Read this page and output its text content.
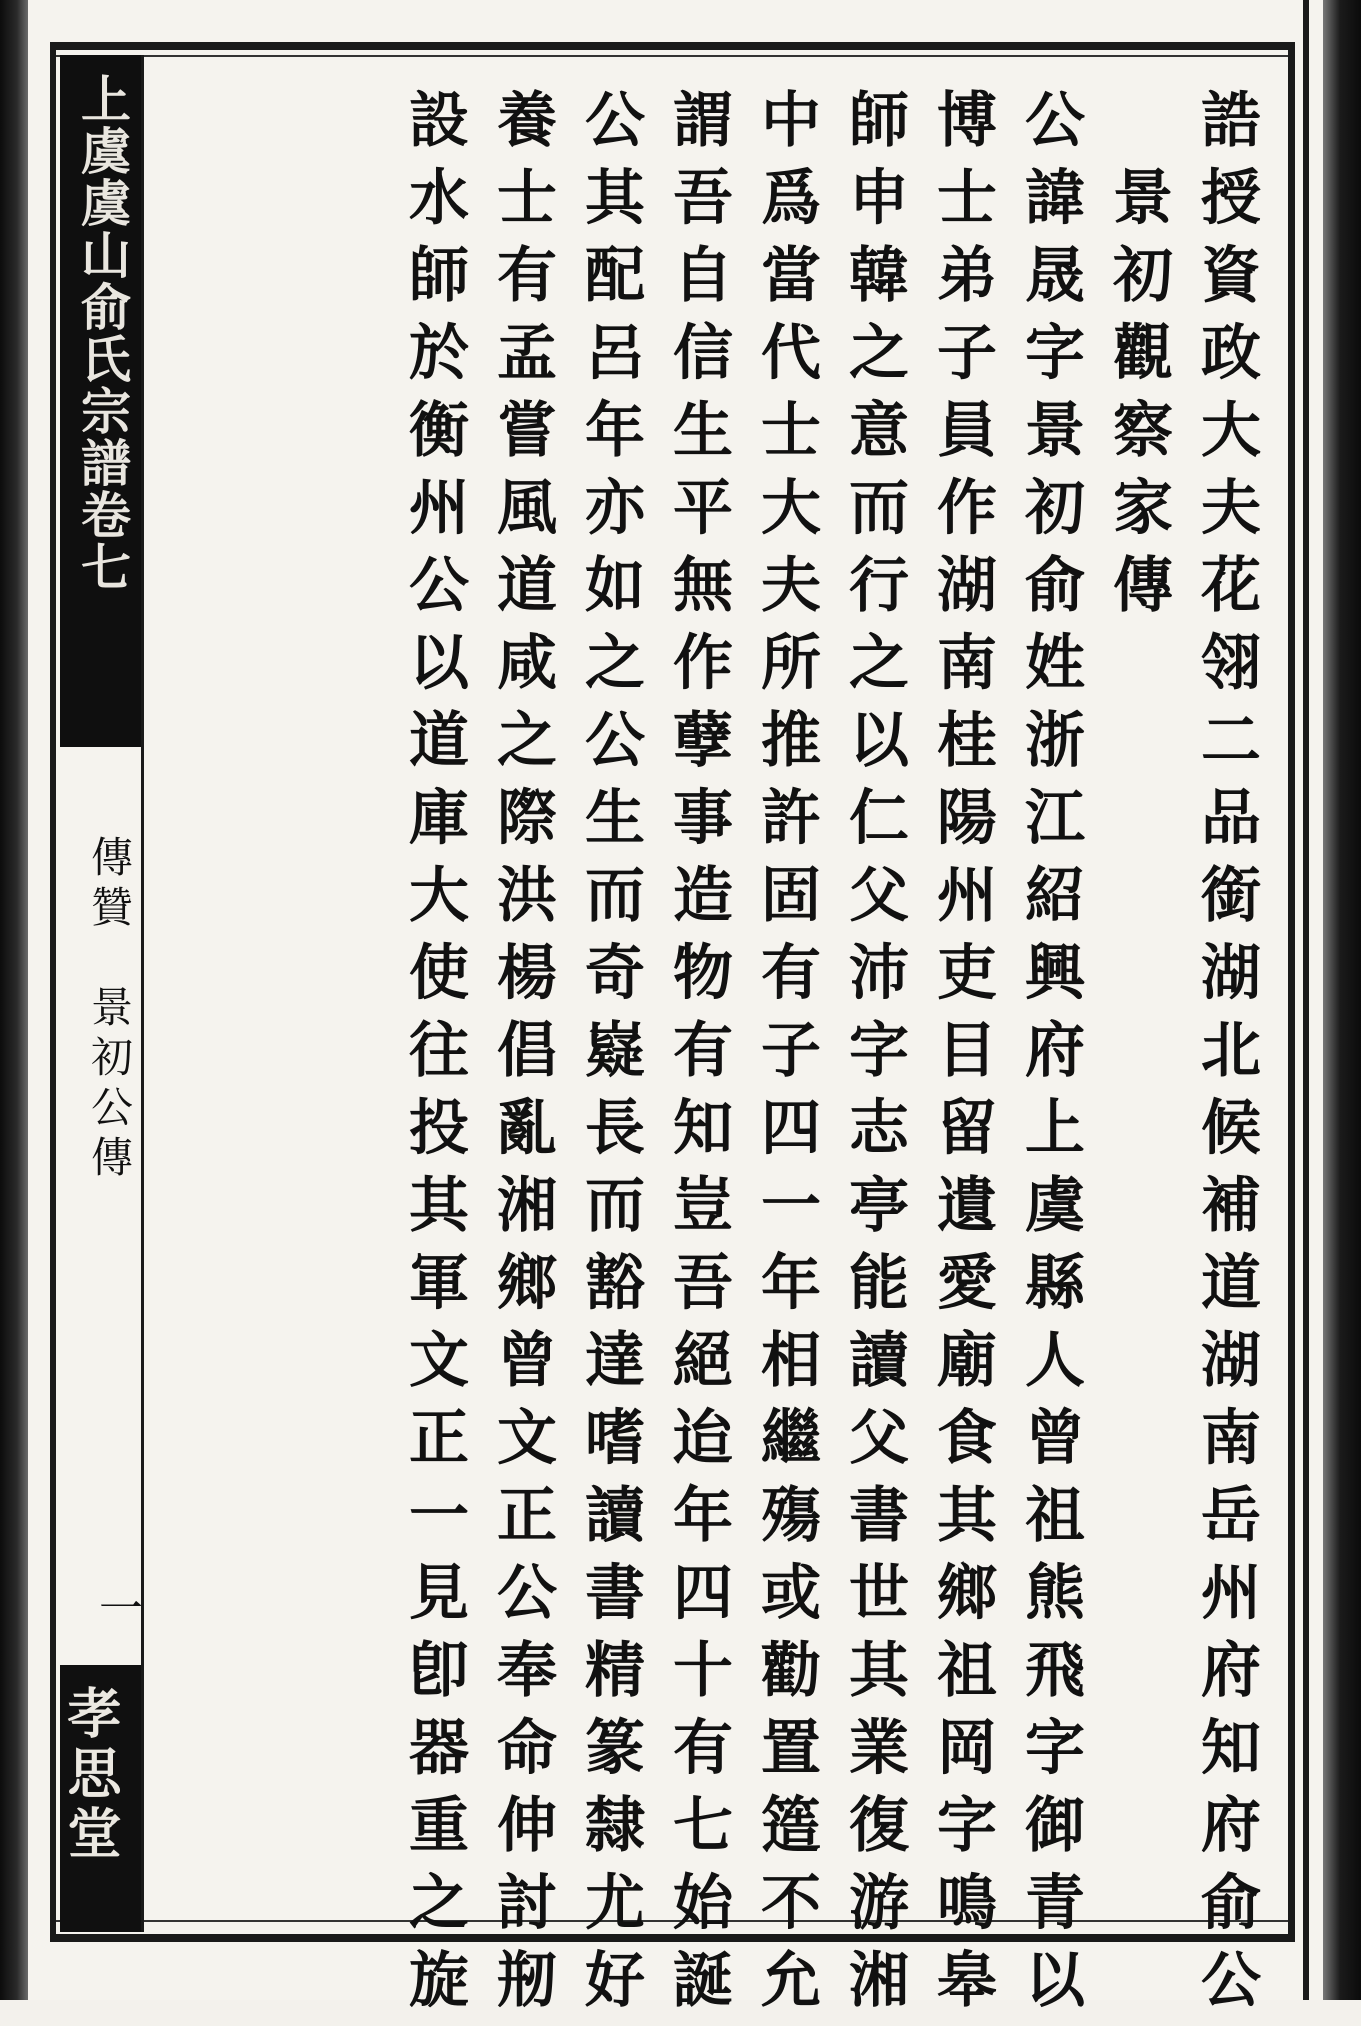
上虞虞山俞氏宗譜卷七
傳贊　景初公傳
一
孝思堂	誥授資政大夫花翎二品銜湖北候補道湖南岳州府知府俞公
　景初觀察家傳
公諱晟字景初俞姓浙江紹興府上虞縣人曾祖熊飛字御青以
博士弟子員作湖南桂陽州吏目留遺愛廟食其鄉祖岡字鳴皋
師申韓之意而行之以仁父沛字志亭能讀父書世其業復游湘
中爲當代士大夫所推許固有子四一年相繼殤或勸置簉不允
謂吾自信生平無作孽事造物有知豈吾絕迨年四十有七始誕
公其配呂年亦如之公生而奇嶷長而豁達嗜讀書精篆隸尤好
養士有孟嘗風道咸之際洪楊倡亂湘鄉曾文正公奉命伸討剏
設水師於衡州公以道庫大使往投其軍文正一見卽器重之旋
